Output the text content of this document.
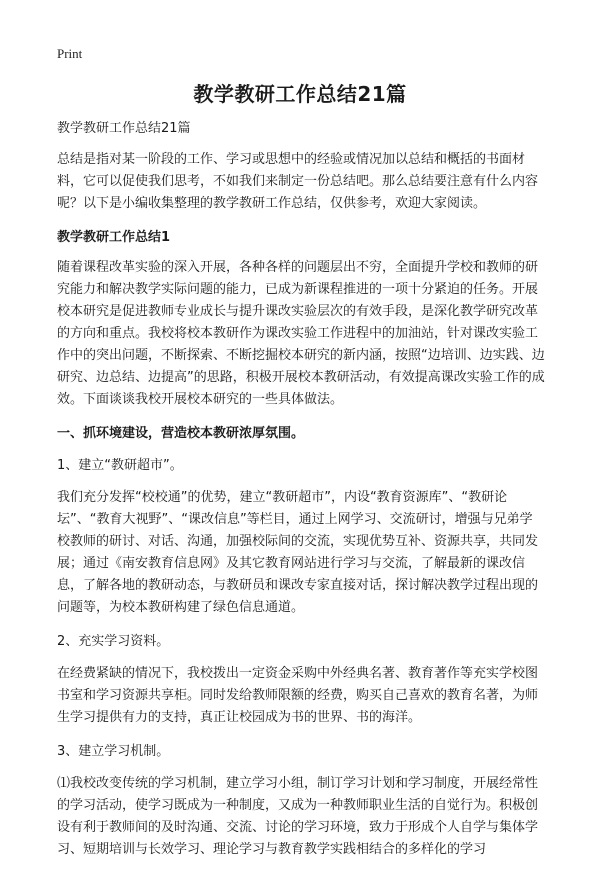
Print
教学教研工作总结21篇

教学教研工作总结21篇

总结是指对某一阶段的工作、学习或思想中的经验或情况加以总结和概括的书面材料，它可以促使我们思考，不如我们来制定一份总结吧。那么总结要注意有什么内容呢？以下是小编收集整理的教学教研工作总结，仅供参考，欢迎大家阅读。

教学教研工作总结1

随着课程改革实验的深入开展，各种各样的问题层出不穷，全面提升学校和教师的研究能力和解决教学实际问题的能力，已成为新课程推进的一项十分紧迫的任务。开展校本研究是促进教师专业成长与提升课改实验层次的有效手段，是深化教学研究改革的方向和重点。我校将校本教研作为课改实验工作进程中的加油站，针对课改实验工作中的突出问题，不断探索、不断挖掘校本研究的新内涵，按照“边培训、边实践、边研究、边总结、边提高”的思路，积极开展校本教研活动，有效提高课改实验工作的成效。下面谈谈我校开展校本研究的一些具体做法。

一、抓环境建设，营造校本教研浓厚氛围。

1、建立“教研超市”。

我们充分发挥“校校通”的优势，建立“教研超市”，内设“教育资源库”、“教研论坛”、“教育大视野”、“课改信息”等栏目，通过上网学习、交流研讨，增强与兄弟学校教师的研讨、对话、沟通，加强校际间的交流，实现优势互补、资源共享，共同发展；通过《南安教育信息网》及其它教育网站进行学习与交流，了解最新的课改信息，了解各地的教研动态，与教研员和课改专家直接对话，探讨解决教学过程出现的问题等，为校本教研构建了绿色信息通道。

2、充实学习资料。

在经费紧缺的情况下，我校拨出一定资金采购中外经典名著、教育著作等充实学校图书室和学习资源共享柜。同时发给教师限额的经费，购买自己喜欢的教育名著，为师生学习提供有力的支持，真正让校园成为书的世界、书的海洋。

3、建立学习机制。

⑴我校改变传统的学习机制，建立学习小组，制订学习计划和学习制度，开展经常性的学习活动，使学习既成为一种制度，又成为一种教师职业生活的自觉行为。积极创设有利于教师间的及时沟通、交流、讨论的学习环境，致力于形成个人自学与集体学习、短期培训与长效学习、理论学习与教育教学实践相结合的多样化的学习
